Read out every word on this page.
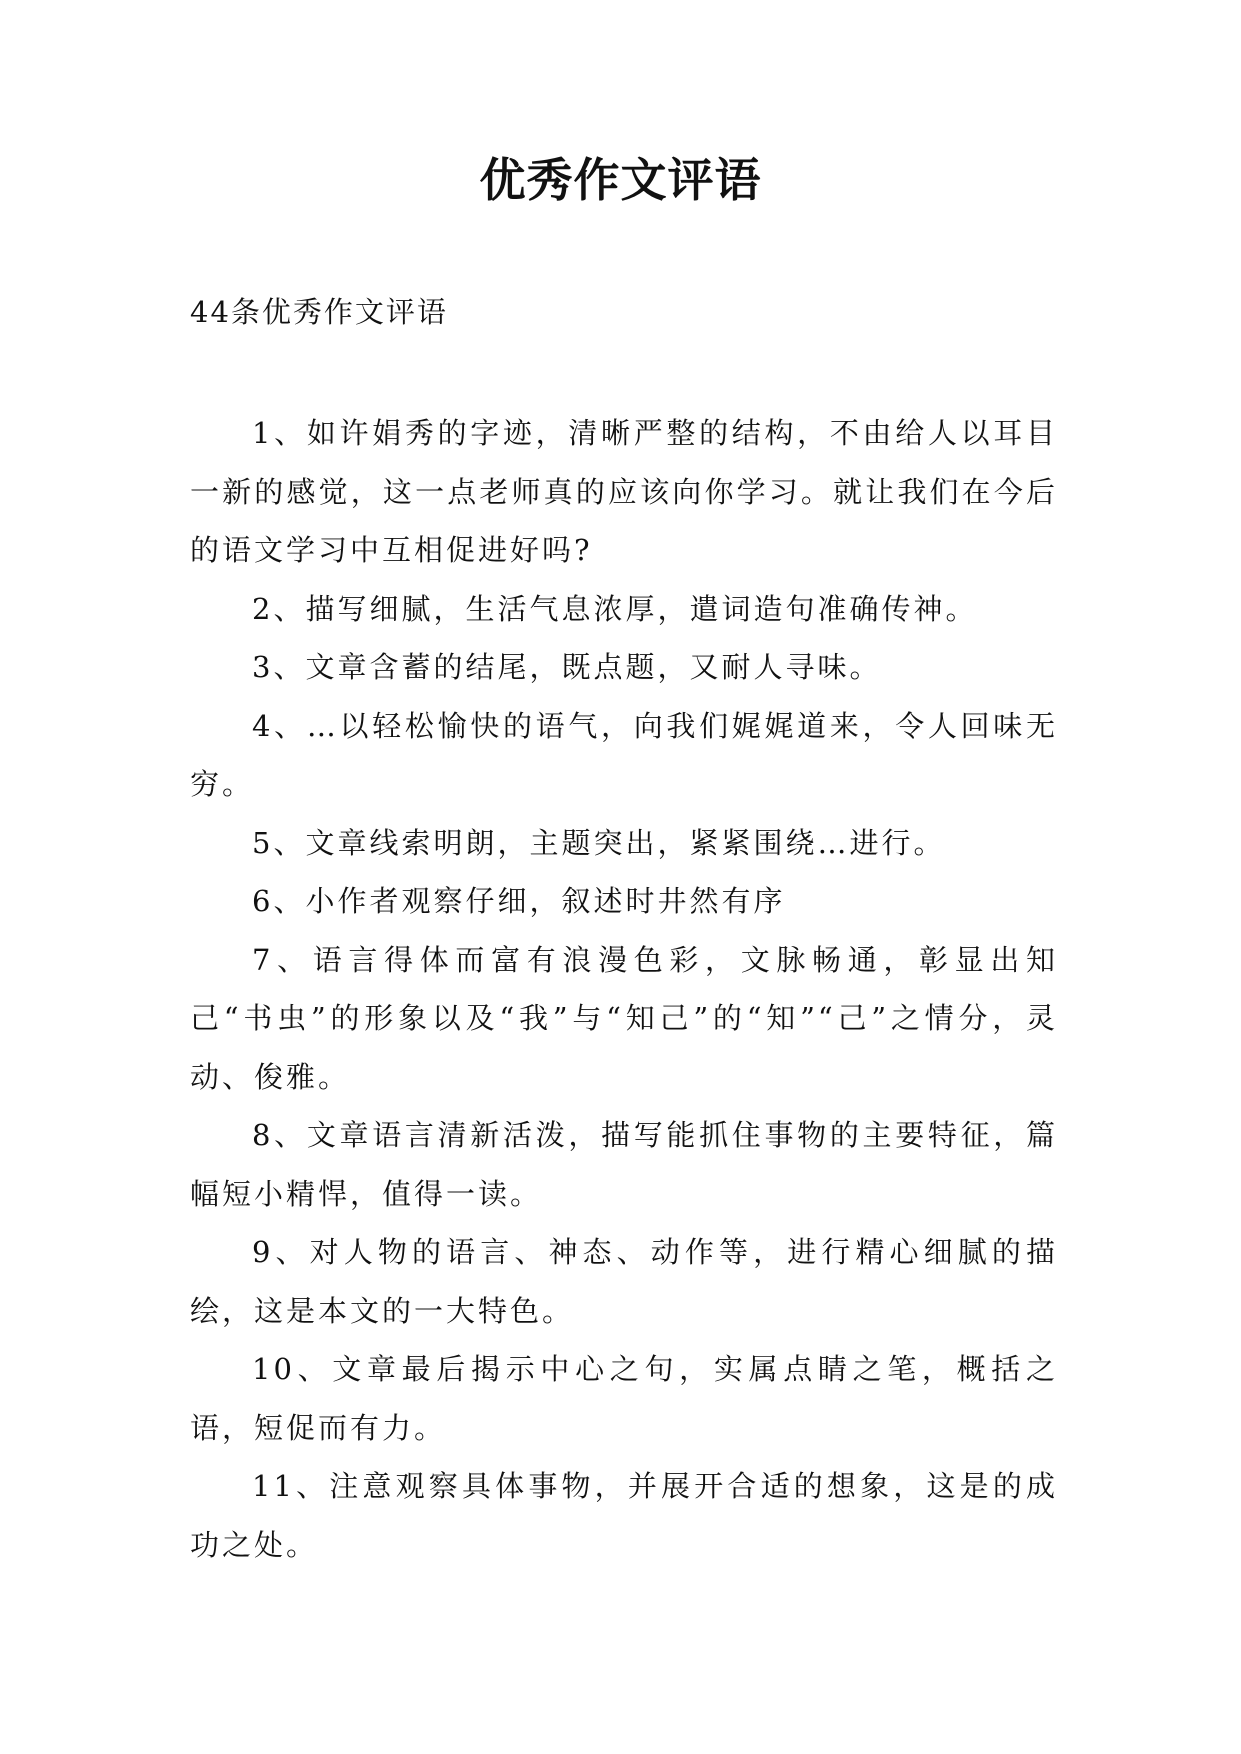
优秀作文评语

44条优秀作文评语

1、如许娟秀的字迹，清晰严整的结构，不由给人以耳目一新的感觉，这一点老师真的应该向你学习。就让我们在今后的语文学习中互相促进好吗?

2、描写细腻，生活气息浓厚，遣词造句准确传神。

3、文章含蓄的结尾，既点题，又耐人寻味。

4、…以轻松愉快的语气，向我们娓娓道来，令人回味无穷。

5、文章线索明朗，主题突出，紧紧围绕…进行。

6、小作者观察仔细，叙述时井然有序

7、语言得体而富有浪漫色彩，文脉畅通，彰显出知己“书虫”的形象以及“我”与“知己”的“知”“己”之情分，灵动、俊雅。

8、文章语言清新活泼，描写能抓住事物的主要特征，篇幅短小精悍，值得一读。

9、对人物的语言、神态、动作等，进行精心细腻的描绘，这是本文的一大特色。

10、文章最后揭示中心之句，实属点睛之笔，概括之语，短促而有力。

11、注意观察具体事物，并展开合适的想象，这是的成功之处。
